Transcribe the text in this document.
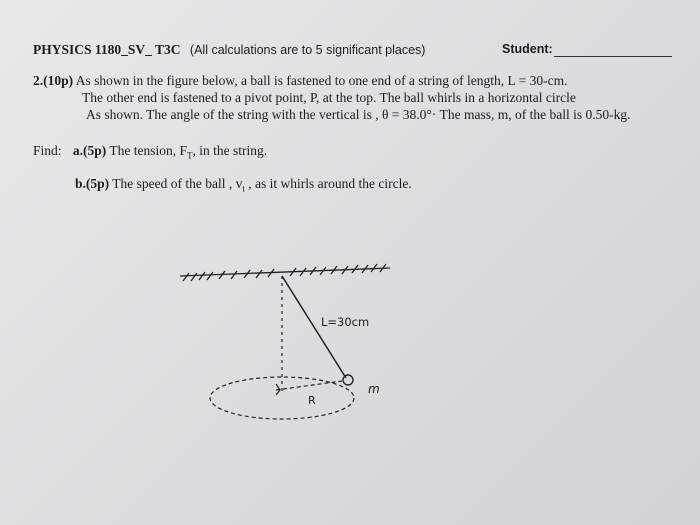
PHYSICS 1180_SV_ T3C (All calculations are to 5 significant places)	Student:
2.(10p) As shown in the figure below, a ball is fastened to one end of a string of length, L = 30-cm.
The other end is fastened to a pivot point, P, at the top. The ball whirls in a horizontal circle
As shown. The angle of the string with the vertical is , θ = 38.0°· The mass, m, of the ball is 0.50-kg.
Find: a.(5p) The tension, $F_T$, in the string.
b.(5p) The speed of the ball , $v_t$ , as it whirls around the circle.
L=30cm
R
m
